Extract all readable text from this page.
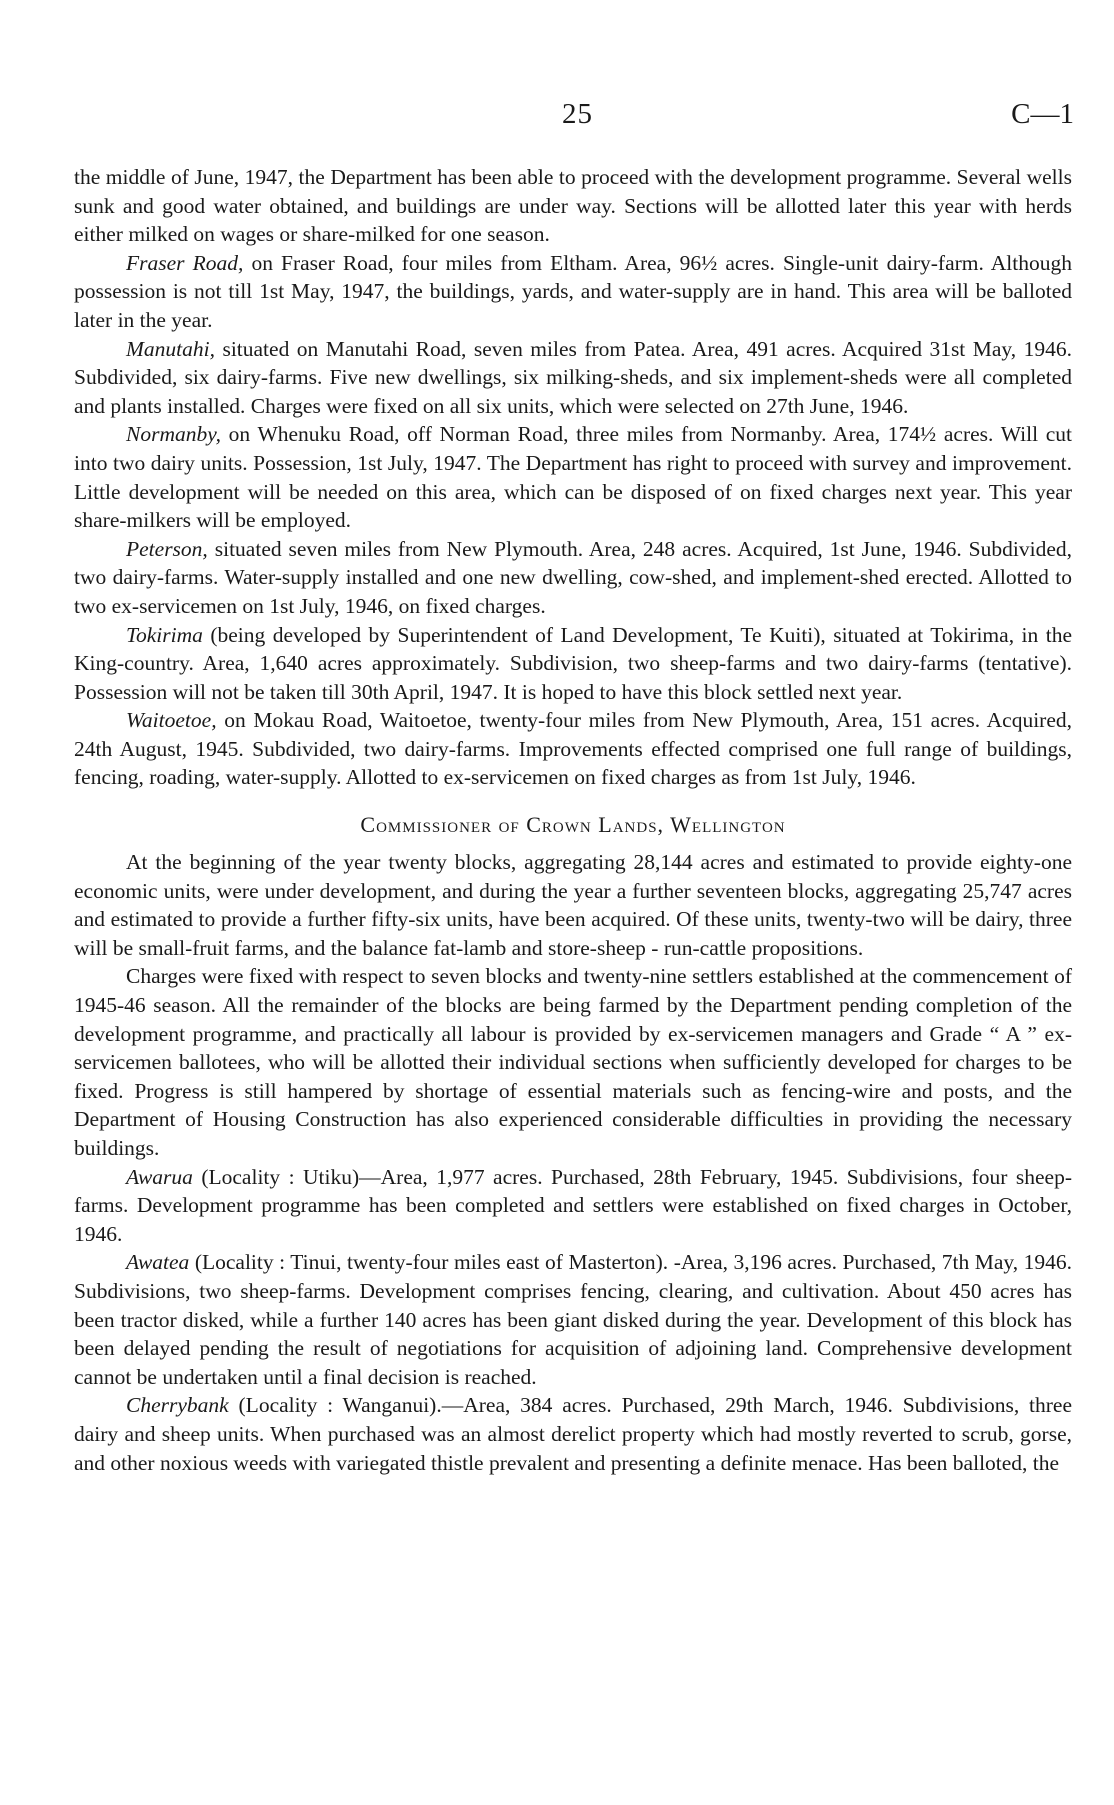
25	C—1

the middle of June, 1947, the Department has been able to proceed with the development programme. Several wells sunk and good water obtained, and buildings are under way. Sections will be allotted later this year with herds either milked on wages or share-milked for one season.

Fraser Road, on Fraser Road, four miles from Eltham. Area, 96½ acres. Single-unit dairy-farm. Although possession is not till 1st May, 1947, the buildings, yards, and water-supply are in hand. This area will be balloted later in the year.

Manutahi, situated on Manutahi Road, seven miles from Patea. Area, 491 acres. Acquired 31st May, 1946. Subdivided, six dairy-farms. Five new dwellings, six milking-sheds, and six implement-sheds were all completed and plants installed. Charges were fixed on all six units, which were selected on 27th June, 1946.

Normanby, on Whenuku Road, off Norman Road, three miles from Normanby. Area, 174½ acres. Will cut into two dairy units. Possession, 1st July, 1947. The Department has right to proceed with survey and improvement. Little development will be needed on this area, which can be disposed of on fixed charges next year. This year share-milkers will be employed.

Peterson, situated seven miles from New Plymouth. Area, 248 acres. Acquired, 1st June, 1946. Subdivided, two dairy-farms. Water-supply installed and one new dwelling, cow-shed, and implement-shed erected. Allotted to two ex-servicemen on 1st July, 1946, on fixed charges.

Tokirima (being developed by Superintendent of Land Development, Te Kuiti), situated at Tokirima, in the King-country. Area, 1,640 acres approximately. Subdivision, two sheep-farms and two dairy-farms (tentative). Possession will not be taken till 30th April, 1947. It is hoped to have this block settled next year.

Waitoetoe, on Mokau Road, Waitoetoe, twenty-four miles from New Plymouth, Area, 151 acres. Acquired, 24th August, 1945. Subdivided, two dairy-farms. Improvements effected comprised one full range of buildings, fencing, roading, water-supply. Allotted to ex-servicemen on fixed charges as from 1st July, 1946.

Commissioner of Crown Lands, Wellington

At the beginning of the year twenty blocks, aggregating 28,144 acres and estimated to provide eighty-one economic units, were under development, and during the year a further seventeen blocks, aggregating 25,747 acres and estimated to provide a further fifty-six units, have been acquired. Of these units, twenty-two will be dairy, three will be small-fruit farms, and the balance fat-lamb and store-sheep - run-cattle propositions.

Charges were fixed with respect to seven blocks and twenty-nine settlers established at the commencement of 1945-46 season. All the remainder of the blocks are being farmed by the Department pending completion of the development programme, and practically all labour is provided by ex-servicemen managers and Grade “ A ” ex-servicemen ballotees, who will be allotted their individual sections when sufficiently developed for charges to be fixed. Progress is still hampered by shortage of essential materials such as fencing-wire and posts, and the Department of Housing Construction has also experienced considerable difficulties in providing the necessary buildings.

Awarua (Locality : Utiku)—Area, 1,977 acres. Purchased, 28th February, 1945. Subdivisions, four sheep-farms. Development programme has been completed and settlers were established on fixed charges in October, 1946.

Awatea (Locality : Tinui, twenty-four miles east of Masterton). -Area, 3,196 acres. Purchased, 7th May, 1946. Subdivisions, two sheep-farms. Development comprises fencing, clearing, and cultivation. About 450 acres has been tractor disked, while a further 140 acres has been giant disked during the year. Development of this block has been delayed pending the result of negotiations for acquisition of adjoining land. Comprehensive development cannot be undertaken until a final decision is reached.

Cherrybank (Locality : Wanganui).—Area, 384 acres. Purchased, 29th March, 1946. Subdivisions, three dairy and sheep units. When purchased was an almost derelict property which had mostly reverted to scrub, gorse, and other noxious weeds with variegated thistle prevalent and presenting a definite menace. Has been balloted, the
